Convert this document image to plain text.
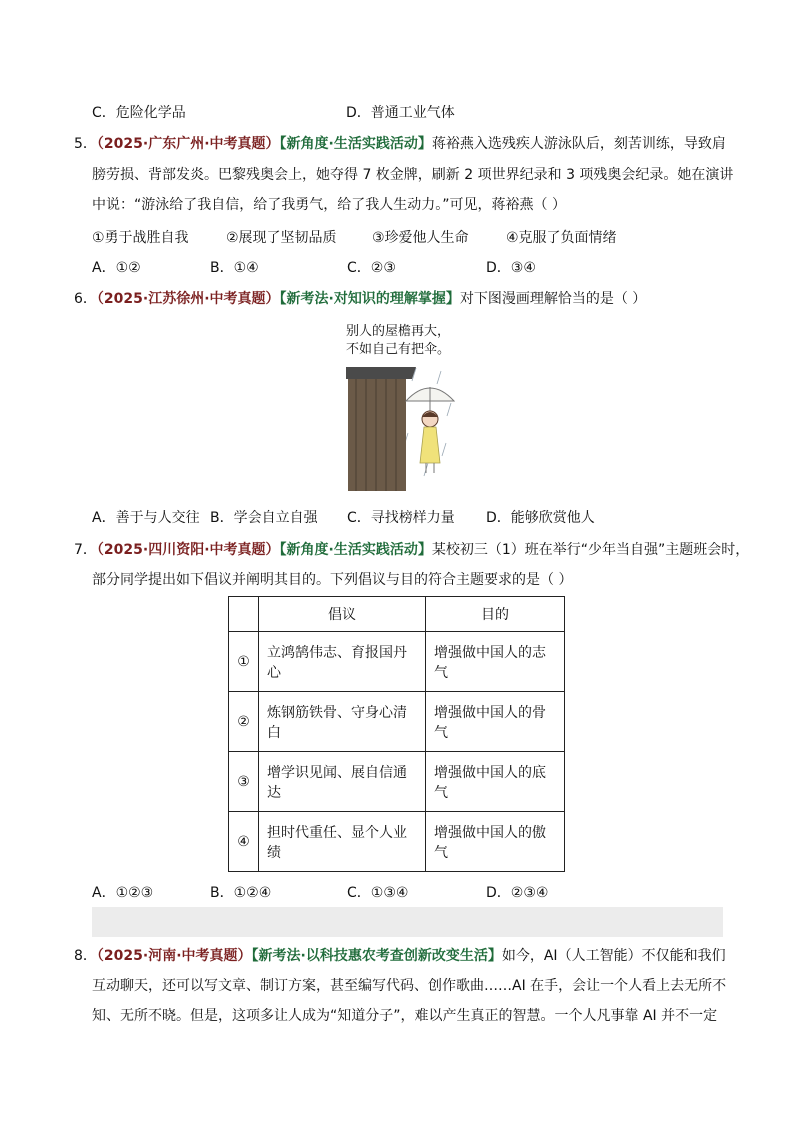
C．危险化学品	D．普通工业气体
5．（2025·广东广州·中考真题）【新角度·生活实践活动】蒋裕燕入选残疾人游泳队后，刻苦训练，导致肩
膀劳损、背部发炎。巴黎残奥会上，她夺得 7 枚金牌，刷新 2 项世界纪录和 3 项残奥会纪录。她在演讲
中说：“游泳给了我自信，给了我勇气，给了我人生动力。”可见，蒋裕燕（ ）
①勇于战胜自我	②展现了坚韧品质	③珍爱他人生命	④克服了负面情绪
A．①②	B．①④	C．②③	D．③④
6．（2025·江苏徐州·中考真题）【新考法·对知识的理解掌握】对下图漫画理解恰当的是（ ）
别人的屋檐再大，
不如自己有把伞。
A．善于与人交往 B．学会自立自强 C．寻找榜样力量 D．能够欣赏他人
7．（2025·四川资阳·中考真题）【新角度·生活实践活动】某校初三（1）班在举行“少年当自强”主题班会时，
部分同学提出如下倡议并阐明其目的。下列倡议与目的符合主题要求的是（ ）
	倡议	目的
①	立鸿鹄伟志、育报国丹心	增强做中国人的志
气

②	炼钢筋铁骨、守身心清白	增强做中国人的骨
气

③	增学识见闻、展自信通达	增强做中国人的底
气

④	担时代重任、显个人业绩	增强做中国人的傲
气
A．①②③	B．①②④	C．①③④	D．②③④
8．（2025·河南·中考真题）【新考法·以科技惠农考查创新改变生活】如今，AI（人工智能）不仅能和我们
互动聊天，还可以写文章、制订方案，甚至编写代码、创作歌曲……AI 在手，会让一个人看上去无所不
知、无所不晓。但是，这项多让人成为“知道分子”，难以产生真正的智慧。一个人凡事靠 AI 并不一定
